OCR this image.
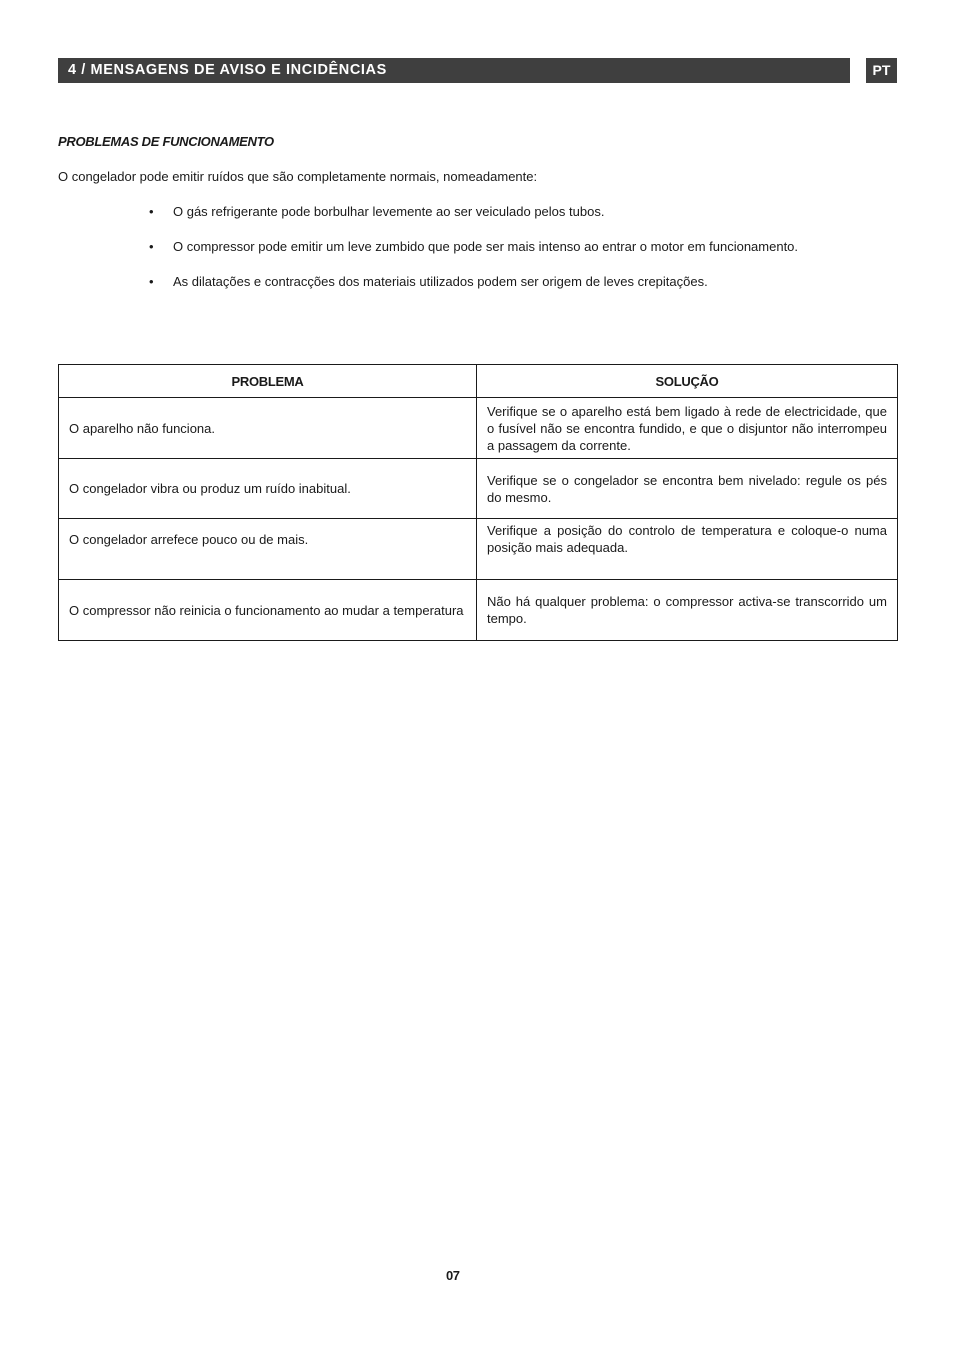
4 / MENSAGENS DE AVISO E INCIDÊNCIAS	PT
PROBLEMAS DE FUNCIONAMENTO
O congelador pode emitir ruídos que são completamente normais, nomeadamente:
• O gás refrigerante pode borbulhar levemente ao ser veiculado pelos tubos.
• O compressor pode emitir um leve zumbido que pode ser mais intenso ao entrar o motor em funcionamento.
• As dilatações e contracções dos materiais utilizados podem ser origem de leves crepitações.
PROBLEMA	SOLUÇÃO
O aparelho não funciona.	Verifique se o aparelho está bem ligado à rede de electricidade, que o fusível não se encontra fundido, e que o disjuntor não interrompeu a passagem da corrente.
O congelador vibra ou produz um ruído inabitual.	Verifique se o congelador se encontra bem nivelado: regule os pés do mesmo.
O congelador arrefece pouco ou de mais.	Verifique a posição do controlo de temperatura e coloque-o numa posição mais adequada.
O compressor não reinicia o funcionamento ao mudar a temperatura	Não há qualquer problema: o compressor activa-se transcorrido um tempo.
07
